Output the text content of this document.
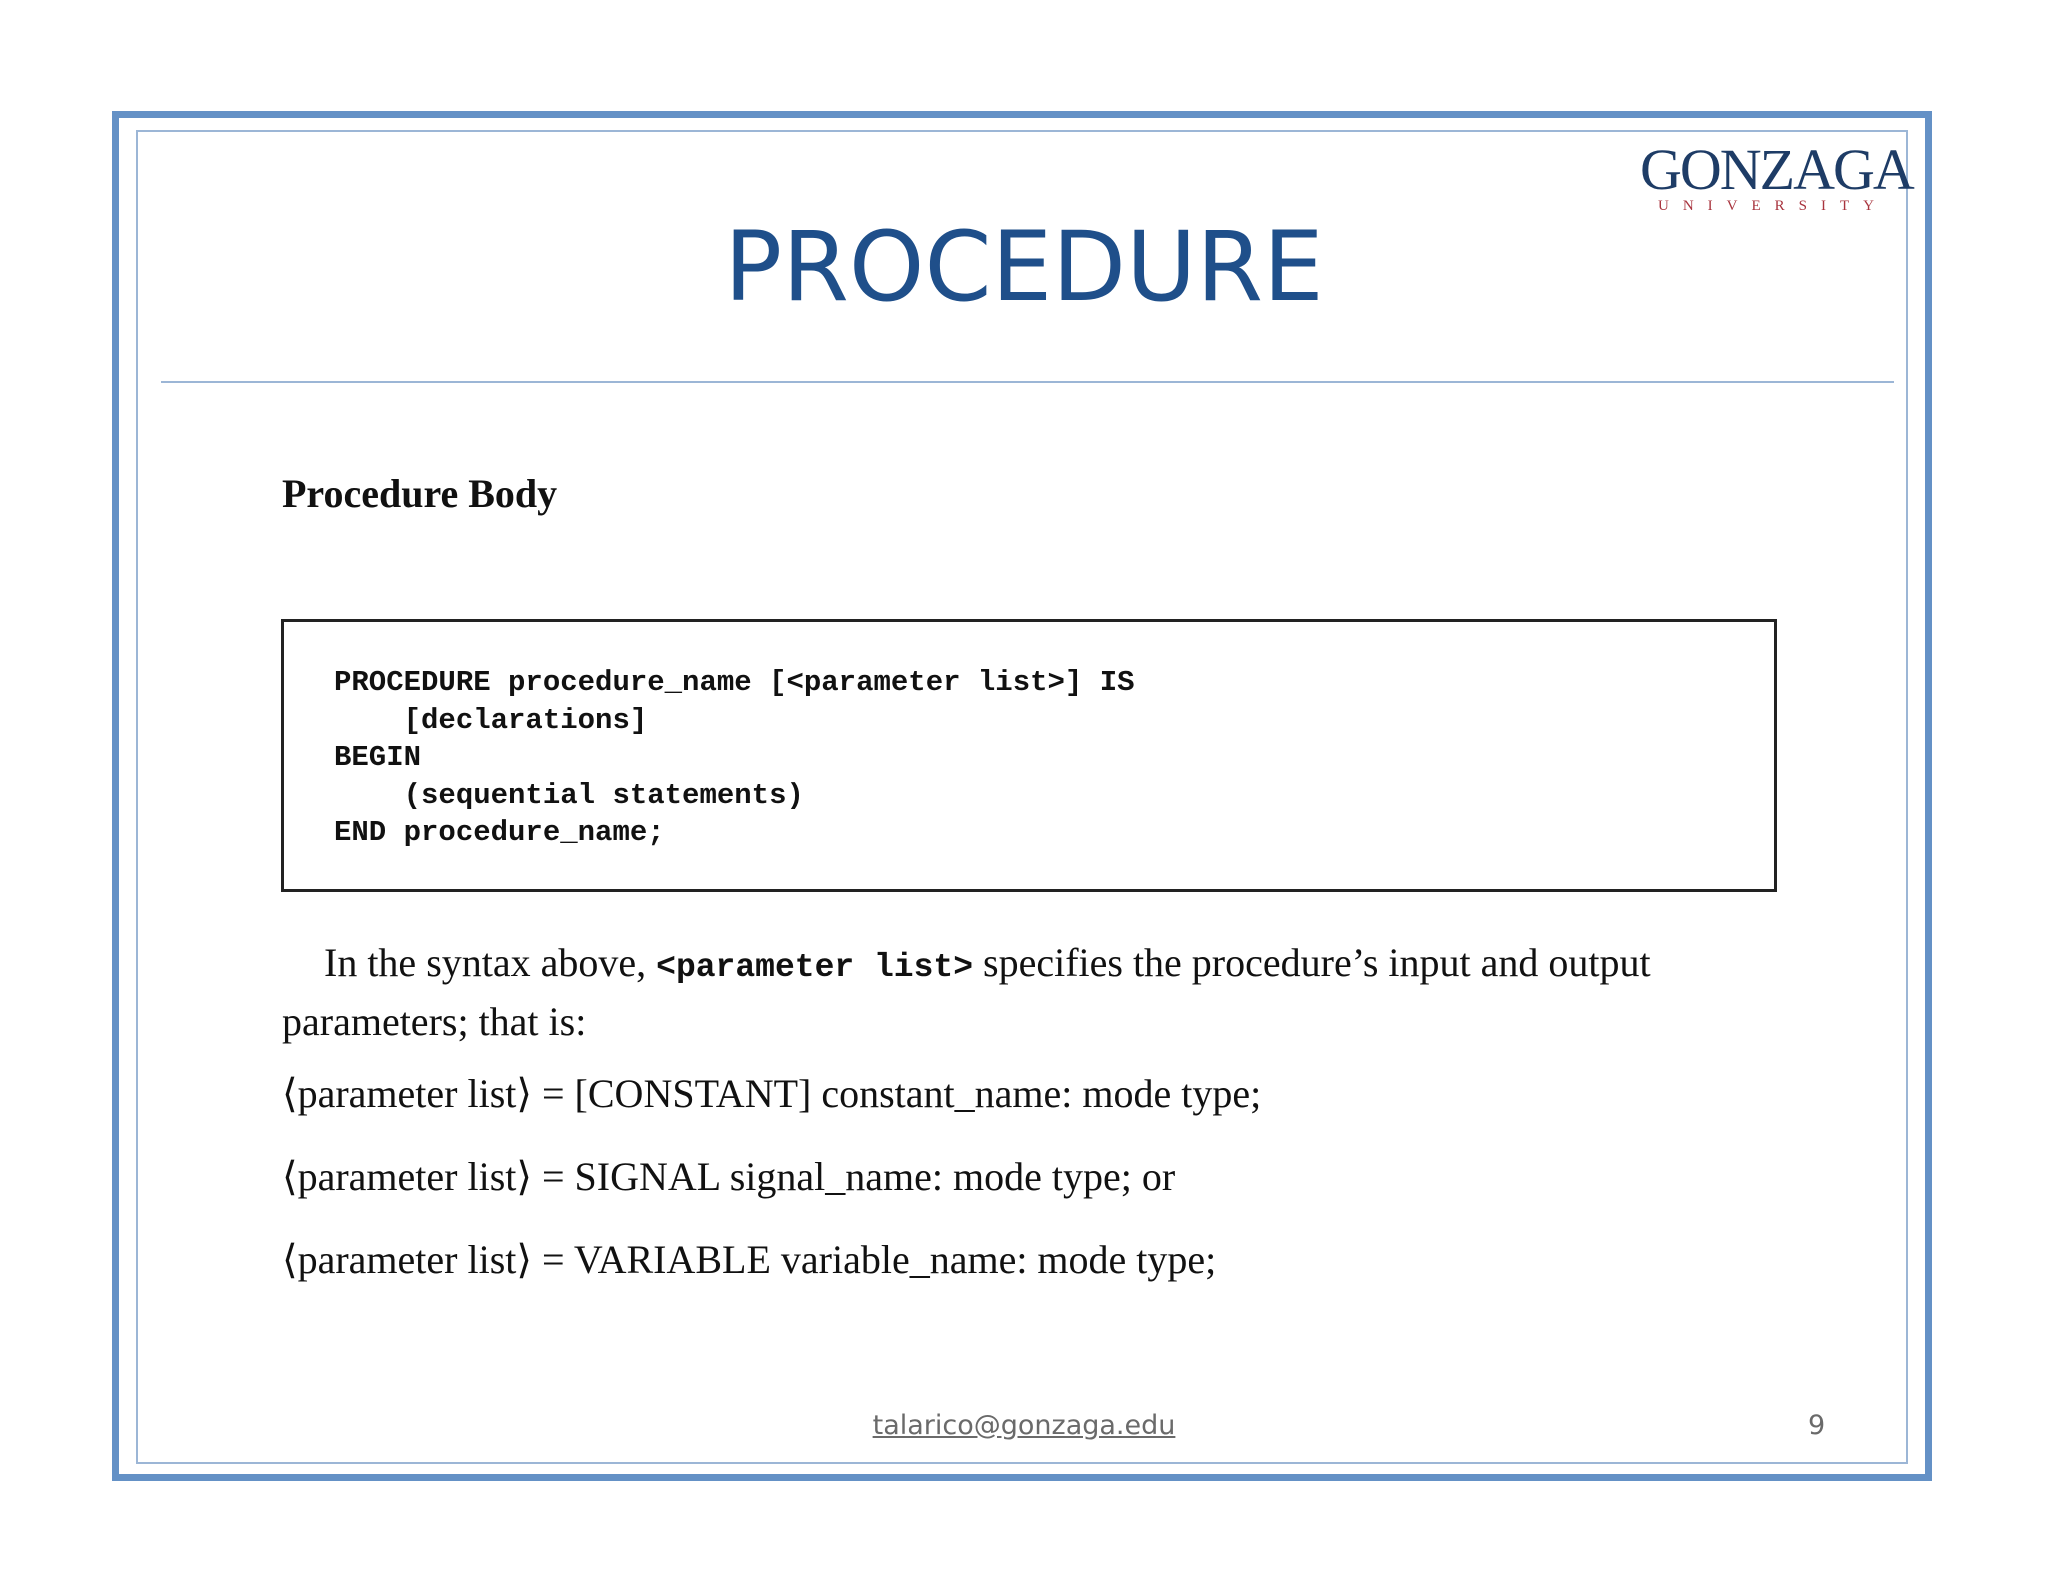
GONZAGA
UNIVERSITY
PROCEDURE
Procedure Body
PROCEDURE procedure_name [<parameter list>] IS
[declarations]
BEGIN
(sequential statements)
END procedure_name;
In the syntax above, <parameter list> specifies the procedure’s input and output parameters; that is:
⟨parameter list⟩ = [CONSTANT] constant_name: mode type;
⟨parameter list⟩ = SIGNAL signal_name: mode type; or
⟨parameter list⟩ = VARIABLE variable_name: mode type;
talarico@gonzaga.edu	9
